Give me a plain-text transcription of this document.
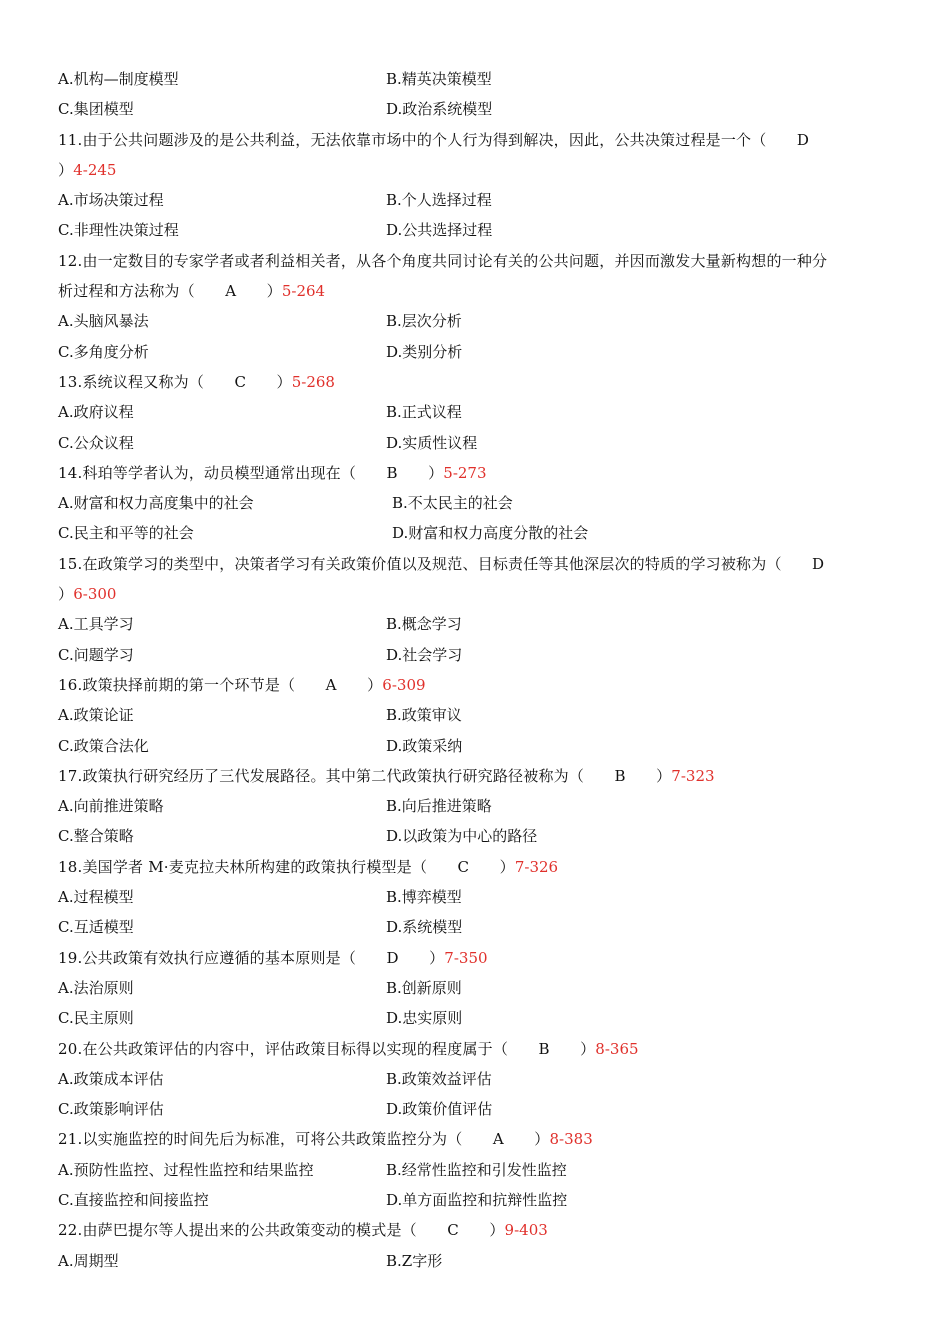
A.机构—制度模型	B.精英决策模型
C.集团模型	D.政治系统模型
11.由于公共问题涉及的是公共利益，无法依靠市场中的个人行为得到解决，因此，公共决策过程是一个（　　D
）4-245
A.市场决策过程	B.个人选择过程
C.非理性决策过程	D.公共选择过程
12.由一定数目的专家学者或者利益相关者，从各个角度共同讨论有关的公共问题，并因而激发大量新构想的一种分
析过程和方法称为（　　A　　）5-264
A.头脑风暴法	B.层次分析
C.多角度分析	D.类别分析
13.系统议程又称为（　　C　　）5-268
A.政府议程	B.正式议程
C.公众议程	D.实质性议程
14.科珀等学者认为，动员模型通常出现在（　　B　　）5-273
A.财富和权力高度集中的社会	B.不太民主的社会
C.民主和平等的社会	D.财富和权力高度分散的社会
15.在政策学习的类型中，决策者学习有关政策价值以及规范、目标责任等其他深层次的特质的学习被称为（　　D
）6-300
A.工具学习	B.概念学习
C.问题学习	D.社会学习
16.政策抉择前期的第一个环节是（　　A　　）6-309
A.政策论证	B.政策审议
C.政策合法化	D.政策采纳
17.政策执行研究经历了三代发展路径。其中第二代政策执行研究路径被称为（　　B　　）7-323
A.向前推进策略	B.向后推进策略
C.整合策略	D.以政策为中心的路径
18.美国学者 M·麦克拉夫林所构建的政策执行模型是（　　C　　）7-326
A.过程模型	B.博弈模型
C.互适模型	D.系统模型
19.公共政策有效执行应遵循的基本原则是（　　D　　）7-350
A.法治原则	B.创新原则
C.民主原则	D.忠实原则
20.在公共政策评估的内容中，评估政策目标得以实现的程度属于（　　B　　）8-365
A.政策成本评估	B.政策效益评估
C.政策影响评估	D.政策价值评估
21.以实施监控的时间先后为标准，可将公共政策监控分为（　　A　　）8-383
A.预防性监控、过程性监控和结果监控	B.经常性监控和引发性监控
C.直接监控和间接监控	D.单方面监控和抗辩性监控
22.由萨巴提尔等人提出来的公共政策变动的模式是（　　C　　）9-403
A.周期型	B.Z字形
